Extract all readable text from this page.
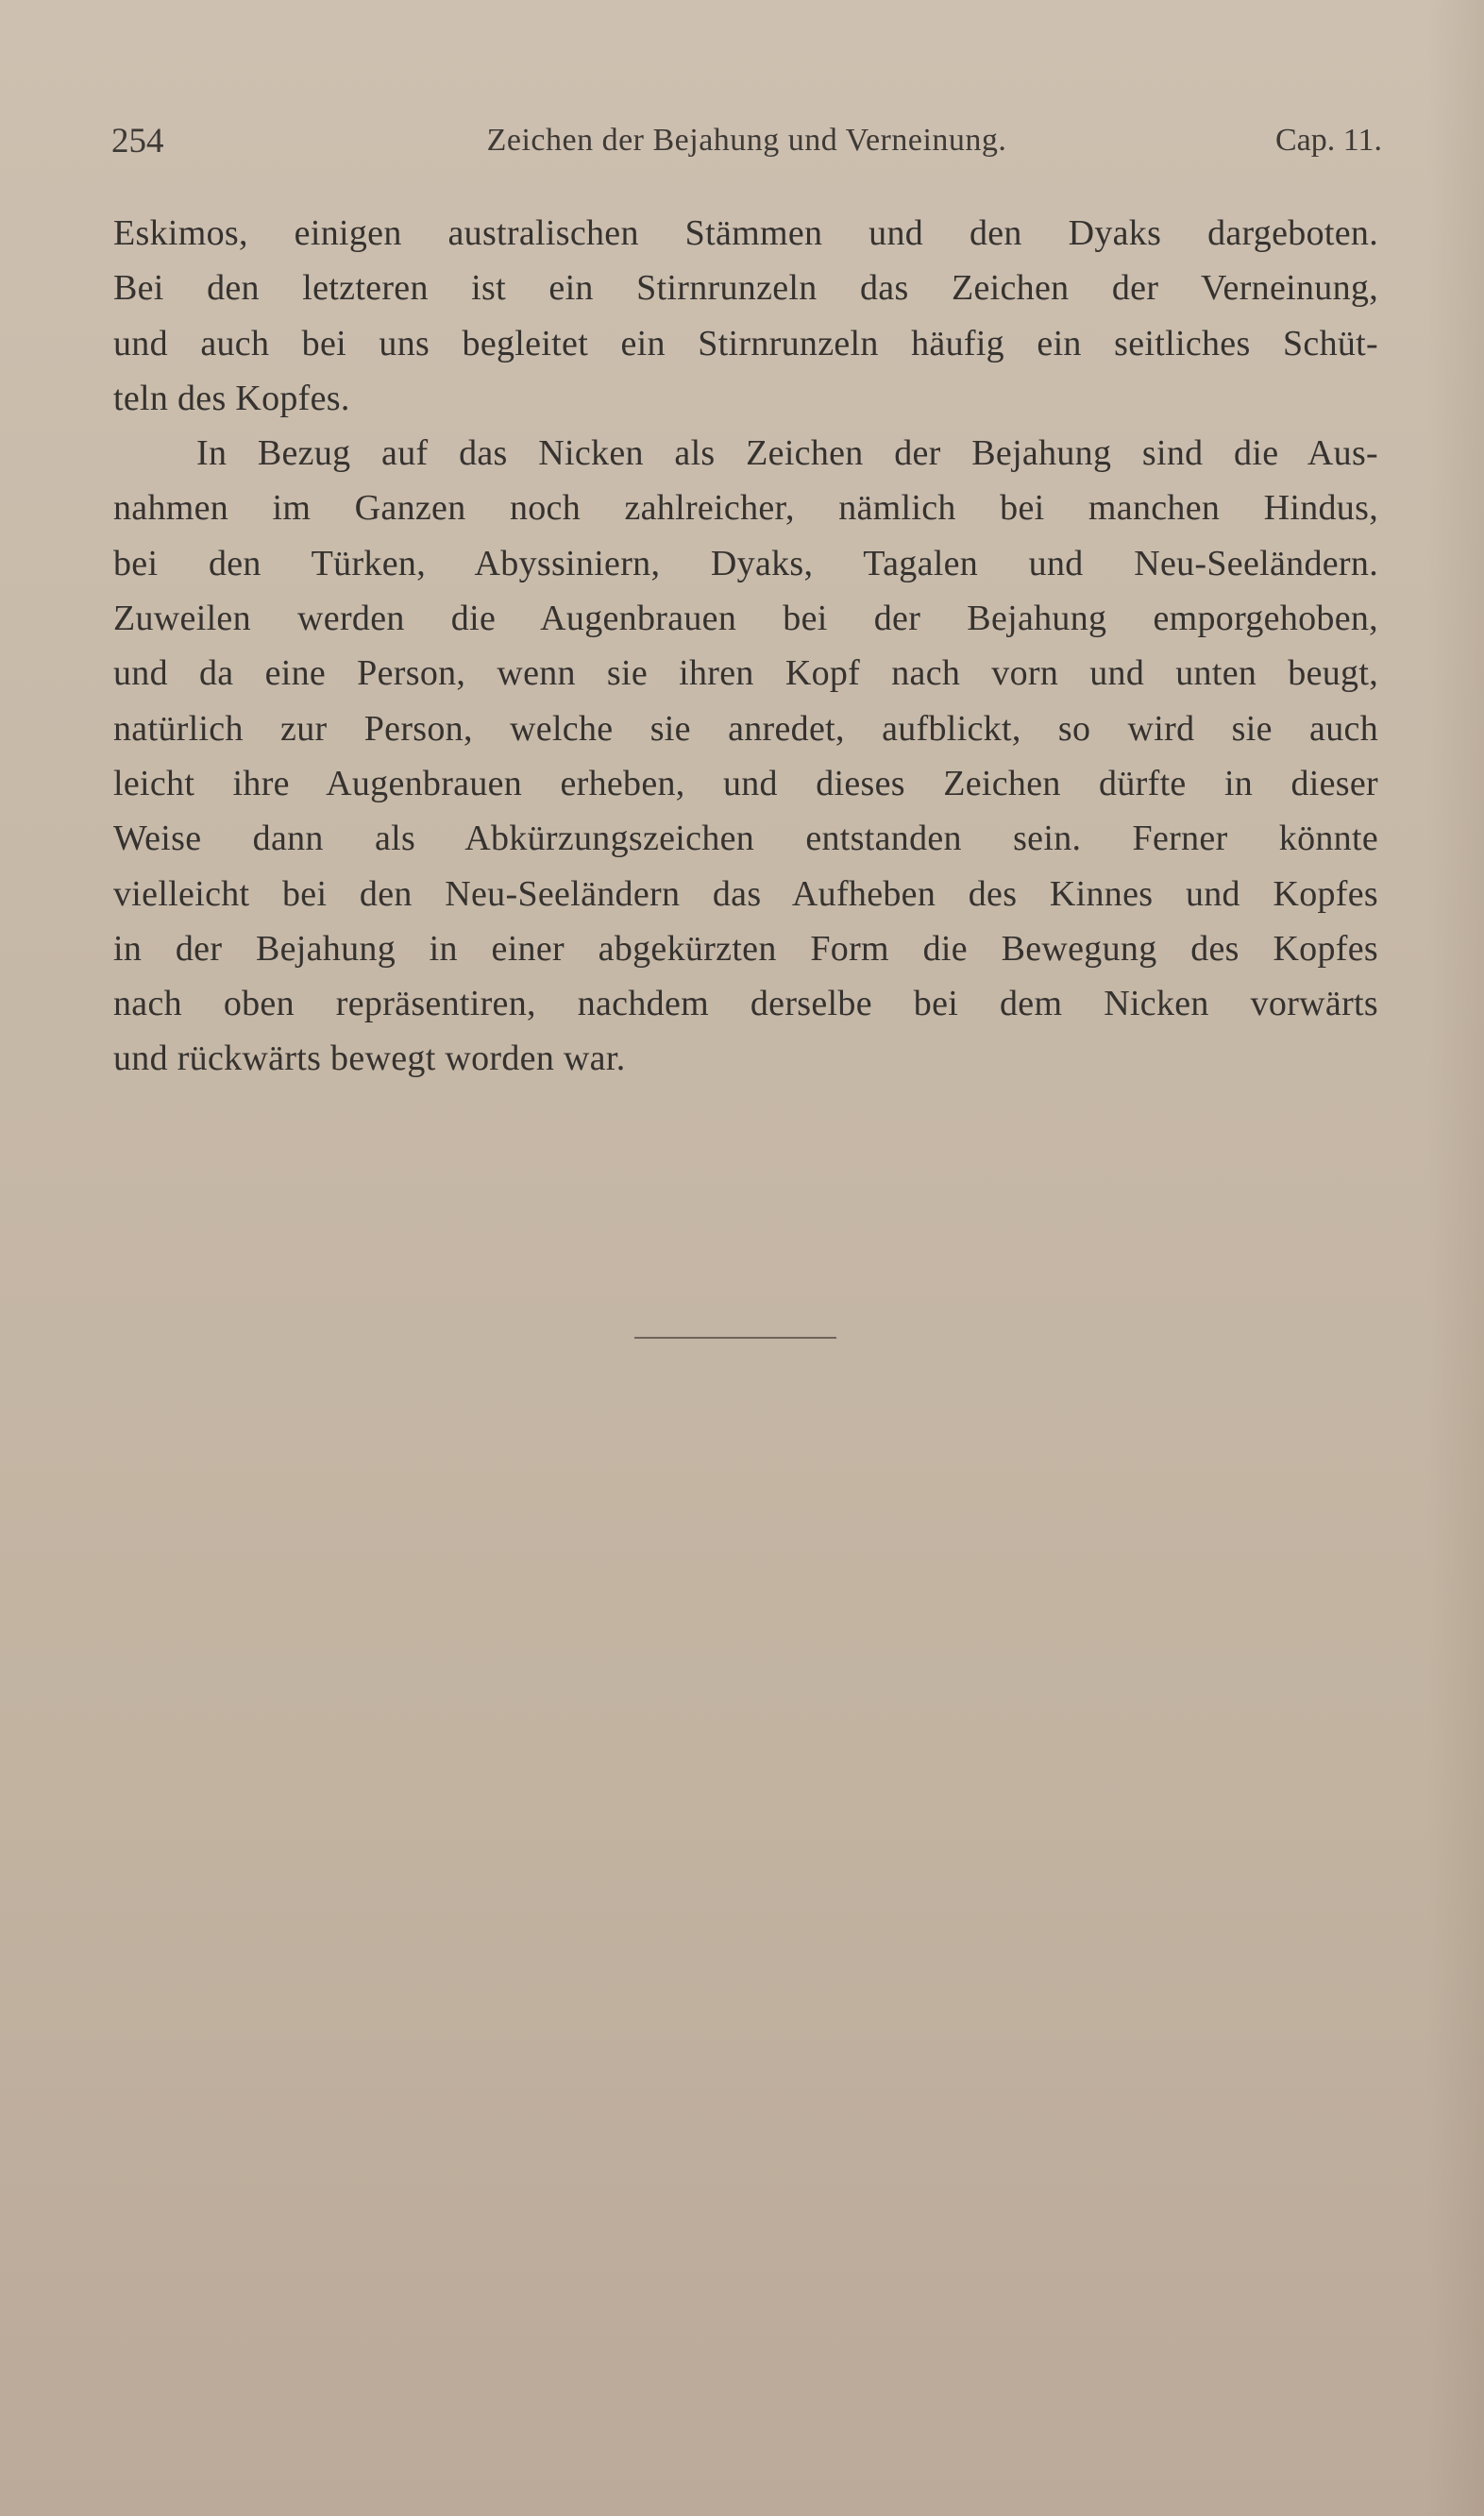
254	Zeichen der Bejahung und Verneinung.	Cap. 11.
Eskimos, einigen australischen Stämmen und den Dyaks dargeboten.
Bei den letzteren ist ein Stirnrunzeln das Zeichen der Verneinung,
und auch bei uns begleitet ein Stirnrunzeln häufig ein seitliches Schüt-
teln des Kopfes.
In Bezug auf das Nicken als Zeichen der Bejahung sind die Aus-
nahmen im Ganzen noch zahlreicher, nämlich bei manchen Hindus,
bei den Türken, Abyssiniern, Dyaks, Tagalen und Neu-Seeländern.
Zuweilen werden die Augenbrauen bei der Bejahung emporgehoben,
und da eine Person, wenn sie ihren Kopf nach vorn und unten beugt,
natürlich zur Person, welche sie anredet, aufblickt, so wird sie auch
leicht ihre Augenbrauen erheben, und dieses Zeichen dürfte in dieser
Weise dann als Abkürzungszeichen entstanden sein. Ferner könnte
vielleicht bei den Neu-Seeländern das Aufheben des Kinnes und Kopfes
in der Bejahung in einer abgekürzten Form die Bewegung des Kopfes
nach oben repräsentiren, nachdem derselbe bei dem Nicken vorwärts
und rückwärts bewegt worden war.
